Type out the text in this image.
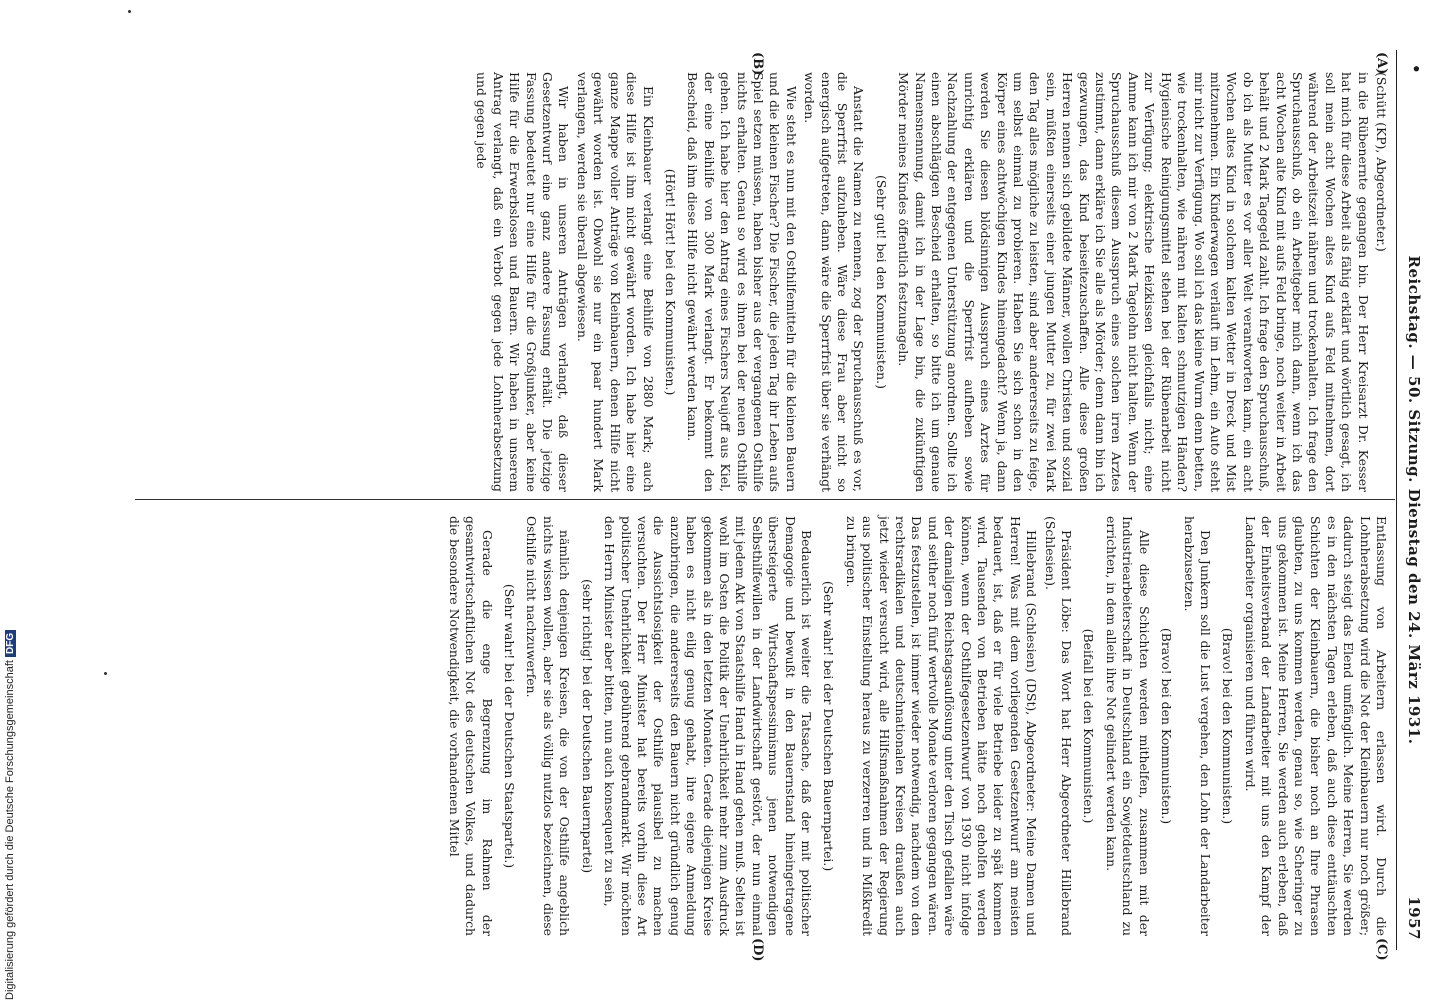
•
Reichstag. — 50. Sitzung. Dienstag den 24. März 1931.
1957
(A)
(B)
(C)
(D)

(Schütt (KP), Abgeordneter.)

in die Rübenernte gegangen bin. Der Herr Kreisarzt Dr. Kesser hat mich für diese Arbeit als fähig erklärt und wörtlich gesagt, ich soll mein acht Wochen altes Kind aufs Feld mitnehmen, dort während der Arbeitszeit nähren und trockenhalten. Ich frage den Spruchausschuß, ob ein Arbeitgeber mich dann, wenn ich das acht Wochen alte Kind mit aufs Feld bringe, noch weiter in Arbeit behält und 2 Mark Tagegeld zahlt. Ich frage den Spruchausschuß, ob ich als Mutter es vor aller Welt verantworten kann, ein acht Wochen altes Kind in solchem kalten Wetter in Dreck und Mist mitzunehmen. Ein Kinderwagen verläuft im Lehm, ein Auto steht mir nicht zur Verfügung. Wo soll ich das kleine Wurm denn betten, wie trockenhalten, wie nähren mit kalten schmutzigen Händen? Hygienische Reinigungsmittel stehen bei der Rübenarbeit nicht zur Verfügung; elektrische Heizkissen gleichfalls nicht; eine Amme kann ich mir von 2 Mark Tagelohn nicht halten. Wenn der Spruchausschuß diesem Ausspruch eines solchen irren Arztes zustimmt, dann erkläre ich Sie alle als Mörder; denn dann bin ich gezwungen, das Kind beiseitezuschaffen. Alle diese großen Herren nennen sich gebildete Männer, wollen Christen und sozial sein, müßten einerseits einer jungen Mutter zu, für zwei Mark den Tag alles mögliche zu leisten, sind aber andererseits zu feige, um selbst einmal zu probieren. Haben Sie sich schon in den Körper eines achtwöchigen Kindes hineingedacht? Wenn ja, dann werden Sie diesen blödsinnigen Ausspruch eines Arztes für unrichtig erklären und die Sperrfrist aufheben sowie Nachzahlung der entgegenen Unterstützung anordnen. Sollte ich einen abschlägigen Bescheid erhalten, so bitte ich um genaue Namensnennung, damit ich in der Lage bin, die zukünftigen Mörder meines Kindes öffentlich festzunageln.

(Sehr gut! bei den Kommunisten.)

Anstatt die Namen zu nennen, zog der Spruchausschuß es vor, die Sperrfrist aufzuheben. Wäre diese Frau aber nicht so energisch aufgetreten, dann wäre die Sperrfrist über sie verhängt worden.

Wie steht es nun mit den Osthilfemitteln für die kleinen Bauern und die kleinen Fischer? Die Fischer, die jeden Tag ihr Leben aufs Spiel setzen müssen, haben bisher aus der vergangenen Osthilfe nichts erhalten. Genau so wird es ihnen bei der neuen Osthilfe gehen. Ich habe hier den Antrag eines Fischers Neujoff aus Kiel, der eine Beihilfe von 300 Mark verlangt. Er bekommt den Bescheid, daß ihm diese Hilfe nicht gewährt werden kann.

(Hört! Hört! bei den Kommunisten.)

Ein Kleinbauer verlangt eine Beihilfe von 2880 Mark; auch diese Hilfe ist ihm nicht gewährt worden. Ich habe hier eine ganze Mappe voller Anträge von Kleinbauern, denen Hilfe nicht gewährt worden ist. Obwohl sie nur ein paar hundert Mark verlangen, werden sie überall abgewiesen.

Wir haben in unseren Anträgen verlangt, daß dieser Gesetzentwurf eine ganz andere Fassung erhält. Die jetzige Fassung bedeutet nur eine Hilfe für die Großjunker, aber keine Hilfe für die Erwerbslosen und Bauern. Wir haben in unserem Antrag verlangt, daß ein Verbot gegen jede Lohnherabsetzung und gegen jede

Entlassung von Arbeitern erlassen wird. Durch die Lohnherabsetzung wird die Not der Kleinbauern nur noch größer; dadurch steigt das Elend umfänglich. Meine Herren, Sie werden es in den nächsten Tagen erleben, daß auch diese enttäuschten Schichten der Kleinbauern, die bisher noch an Ihre Phrasen glaubten, zu uns kommen werden, genau so, wie Scheringer zu uns gekommen ist. Meine Herren, Sie werden auch erleben, daß der Einheitsverband der Landarbeiter mit uns den Kampf der Landarbeiter organisieren und führen wird.

(Bravo! bei den Kommunisten.)

Den Junkern soll die Lust vergehen, den Lohn der Landarbeiter herabzusetzen.

(Bravo! bei den Kommunisten.)

Alle diese Schichten werden mithelfen, zusammen mit der Industriearbeiterschaft in Deutschland ein Sowjetdeutschland zu errichten, in dem allein ihre Not gelindert werden kann.

(Beifall bei den Kommunisten.)

Präsident Löbe: Das Wort hat Herr Abgeordneter Hillebrand (Schlesien).

Hillebrand (Schlesien) (DSt), Abgeordneter: Meine Damen und Herren! Was mit dem vorliegenden Gesetzentwurf am meisten bedauert, ist, daß er für viele Betriebe leider zu spät kommen wird. Tausenden von Betrieben hätte noch geholfen werden können, wenn der Osthilfegesetzentwurf von 1930 nicht infolge der damaligen Reichstagsauflösung unter den Tisch gefallen wäre und seither noch fünf wertvolle Monate verloren gegangen wären. Das festzustellen, ist immer wieder notwendig, nachdem von den rechtsradikalen und deutschnationalen Kreisen draußen auch jetzt wieder versucht wird, alle Hilfsmaßnahmen der Regierung aus politischer Einstellung heraus zu verzerren und in Mißkredit zu bringen.

(Sehr wahr! bei der Deutschen Bauernpartei.)

Bedauerlich ist weiter die Tatsache, daß der mit politischer Demagogie und bewußt in den Bauernstand hineingetragene übersteigerte Wirtschaftspessimismus jenen notwendigen Selbsthilfewillen in der Landwirtschaft gestört, der nun einmal mit jedem Akt von Staatshilfe Hand in Hand gehen muß. Selten ist wohl im Osten die Politik der Unehrlichkeit mehr zum Ausdruck gekommen als in den letzten Monaten. Gerade diejenigen Kreise haben es nicht eilig genug gehabt, ihre eigene Anmeldung anzubringen, die andererseits den Bauern nicht gründlich genug die Aussichtslosigkeit der Osthilfe plausibel zu machen versuchten. Der Herr Minister hat bereits vorhin diese Art politischer Unehrlichkeit gebührend gebrandmarkt. Wir möchten den Herrn Minister aber bitten, nun auch konsequent zu sein,

(sehr richtig! bei der Deutschen Bauernpartei)

nämlich denjenigen Kreisen, die von der Osthilfe angeblich nichts wissen wollen, aber sie als völlig nutzlos bezeichnen, diese Osthilfe nicht nachzuwerfen.

(Sehr wahr! bei der Deutschen Staatspartei.)

Gerade die enge Begrenzung im Rahmen der gesamtwirtschaftlichen Not des deutschen Volkes, und dadurch die besondere Notwendigkeit, die vorhandenen Mittel

Digitalisierung gefördert durch die Deutsche Forschungsgemeinschaft DFG
